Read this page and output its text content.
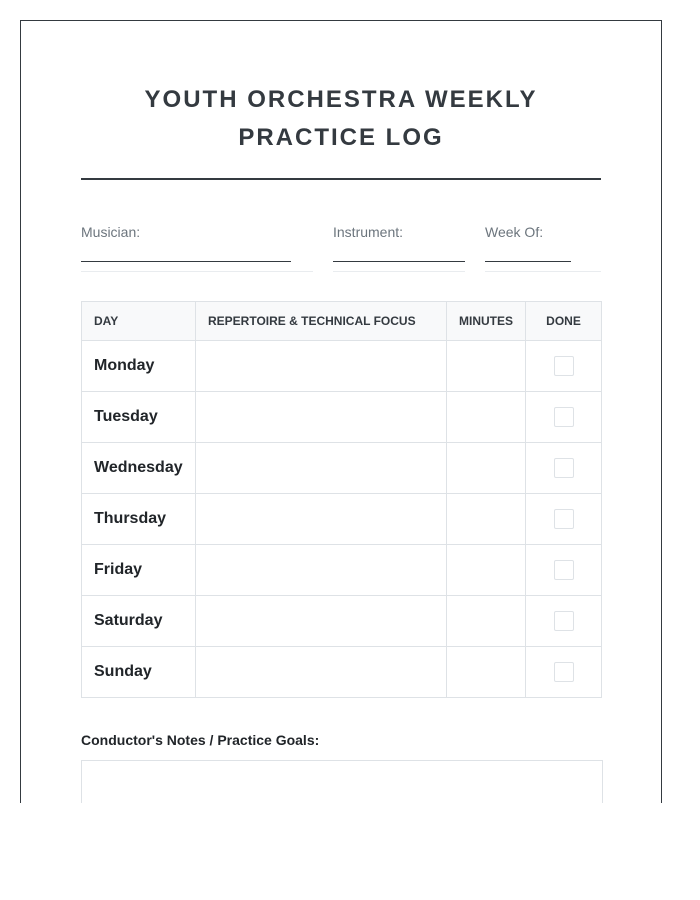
YOUTH ORCHESTRA WEEKLY PRACTICE LOG
Musician:	Instrument:	Week Of:
DAY	REPERTOIRE & TECHNICAL FOCUS	MINUTES	DONE
Monday			
Tuesday			
Wednesday			
Thursday			
Friday			
Saturday			
Sunday			
Conductor's Notes / Practice Goals:
